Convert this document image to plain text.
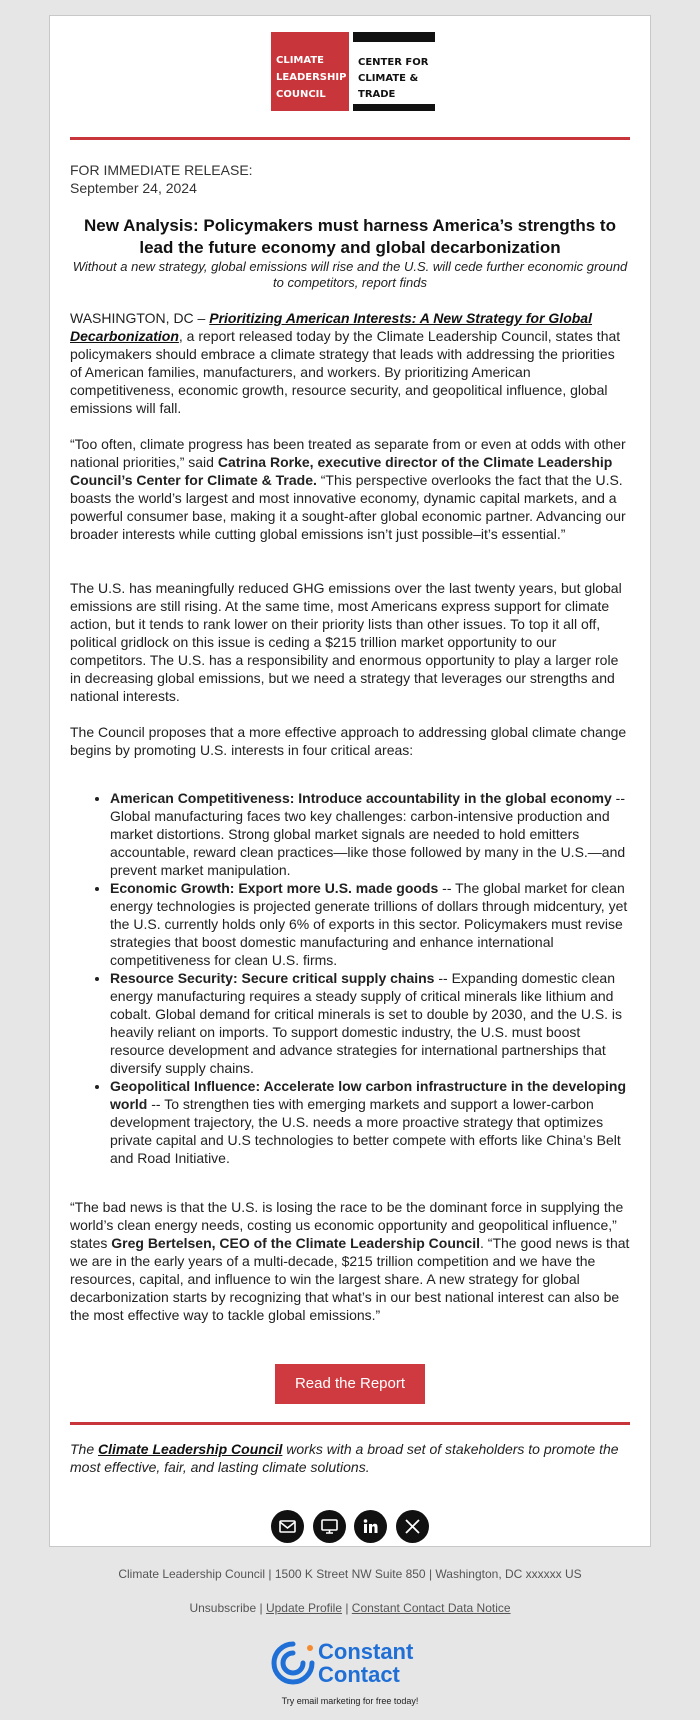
CLIMATE
LEADERSHIP
COUNCIL
CENTER FOR
CLIMATE &
TRADE
FOR IMMEDIATE RELEASE:
September 24, 2024
New Analysis: Policymakers must harness America’s strengths to lead the future economy and global decarbonization

Without a new strategy, global emissions will rise and the U.S. will cede further economic ground to competitors, report finds

WASHINGTON, DC – Prioritizing American Interests: A New Strategy for Global Decarbonization, a report released today by the Climate Leadership Council, states that policymakers should embrace a climate strategy that leads with addressing the priorities of American families, manufacturers, and workers. By prioritizing American competitiveness, economic growth, resource security, and geopolitical influence, global emissions will fall.

“Too often, climate progress has been treated as separate from or even at odds with other national priorities,” said Catrina Rorke, executive director of the Climate Leadership Council’s Center for Climate & Trade. “This perspective overlooks the fact that the U.S. boasts the world’s largest and most innovative economy, dynamic capital markets, and a powerful consumer base, making it a sought-after global economic partner. Advancing our broader interests while cutting global emissions isn’t just possible–it’s essential.”

The U.S. has meaningfully reduced GHG emissions over the last twenty years, but global emissions are still rising. At the same time, most Americans express support for climate action, but it tends to rank lower on their priority lists than other issues. To top it all off, political gridlock on this issue is ceding a $215 trillion market opportunity to our competitors. The U.S. has a responsibility and enormous opportunity to play a larger role in decreasing global emissions, but we need a strategy that leverages our strengths and national interests.

The Council proposes that a more effective approach to addressing global climate change begins by promoting U.S. interests in four critical areas:

• American Competitiveness: Introduce accountability in the global economy -- Global manufacturing faces two key challenges: carbon-intensive production and market distortions. Strong global market signals are needed to hold emitters accountable, reward clean practices—like those followed by many in the U.S.—and prevent market manipulation.
• Economic Growth: Export more U.S. made goods -- The global market for clean energy technologies is projected generate trillions of dollars through midcentury, yet the U.S. currently holds only 6% of exports in this sector. Policymakers must revise strategies that boost domestic manufacturing and enhance international competitiveness for clean U.S. firms.
• Resource Security: Secure critical supply chains -- Expanding domestic clean energy manufacturing requires a steady supply of critical minerals like lithium and cobalt. Global demand for critical minerals is set to double by 2030, and the U.S. is heavily reliant on imports. To support domestic industry, the U.S. must boost resource development and advance strategies for international partnerships that diversify supply chains.
• Geopolitical Influence: Accelerate low carbon infrastructure in the developing world -- To strengthen ties with emerging markets and support a lower-carbon development trajectory, the U.S. needs a more proactive strategy that optimizes private capital and U.S technologies to better compete with efforts like China’s Belt and Road Initiative.

“The bad news is that the U.S. is losing the race to be the dominant force in supplying the world’s clean energy needs, costing us economic opportunity and geopolitical influence,” states Greg Bertelsen, CEO of the Climate Leadership Council. “The good news is that we are in the early years of a multi-decade, $215 trillion competition and we have the resources, capital, and influence to win the largest share. A new strategy for global decarbonization starts by recognizing that what’s in our best national interest can also be the most effective way to tackle global emissions.”

Read the Report

The Climate Leadership Council works with a broad set of stakeholders to promote the most effective, fair, and lasting climate solutions.

Climate Leadership Council | 1500 K Street NW Suite 850 | Washington, DC xxxxxx US
Unsubscribe | Update Profile | Constant Contact Data Notice
Constant
Contact
Try email marketing for free today!
